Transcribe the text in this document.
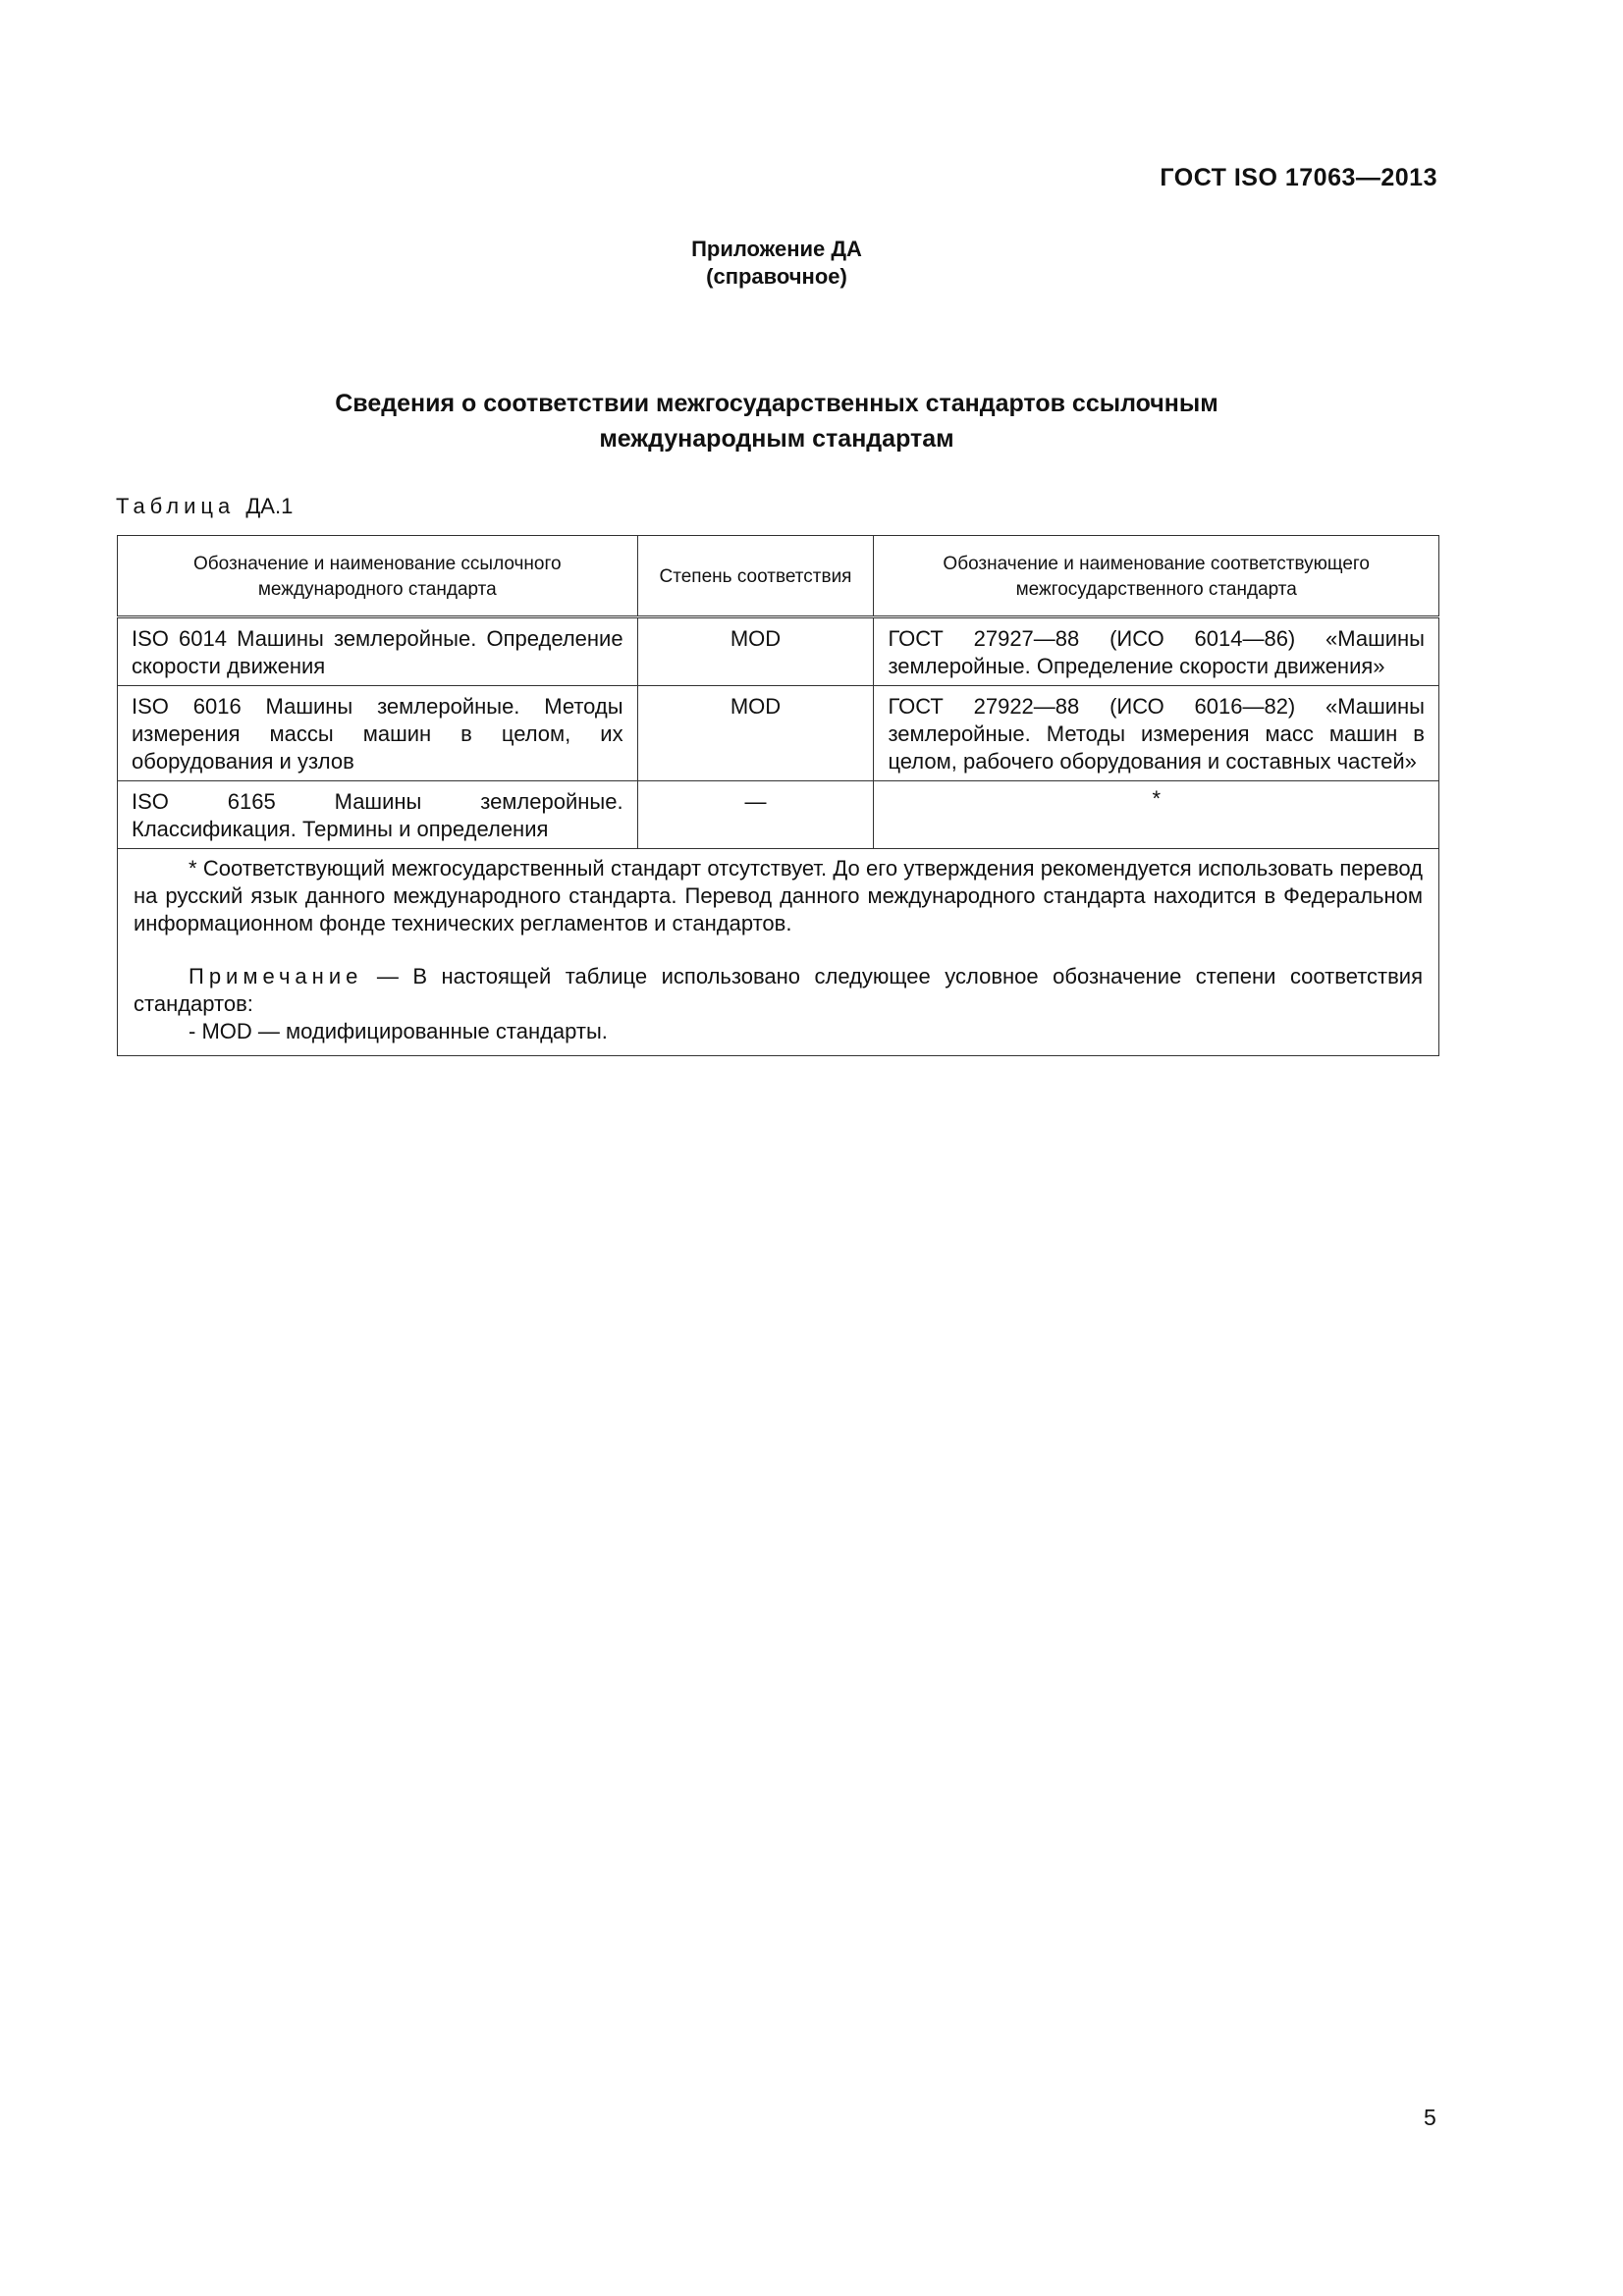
ГОСТ ISO 17063—2013
Приложение ДА
(справочное)
Сведения о соответствии межгосударственных стандартов ссылочным
международным стандартам
Таблица ДА.1
Обозначение и наименование ссылочного международного стандарта	Степень соответствия	Обозначение и наименование соответствующего межгосударственного стандарта
ISO 6014 Машины землеройные. Определение скорости движения	MOD	ГОСТ 27927—88 (ИСО 6014—86) «Машины землеройные. Определение скорости движения»
ISO 6016 Машины землеройные. Методы измерения массы машин в целом, их оборудования и узлов	MOD	ГОСТ 27922—88 (ИСО 6016—82) «Машины землеройные. Методы измерения масс машин в целом, рабочего оборудования и составных частей»
ISO 6165 Машины землеройные. Классификация. Термины и определения	—	*

* Соответствующий межгосударственный стандарт отсутствует. До его утверждения рекомендуется использовать перевод на русский язык данного международного стандарта. Перевод данного международного стандарта находится в Федеральном информационном фонде технических регламентов и стандартов.

Примечание — В настоящей таблице использовано следующее условное обозначение степени соответствия стандартов:

- MOD — модифицированные стандарты.		

5
